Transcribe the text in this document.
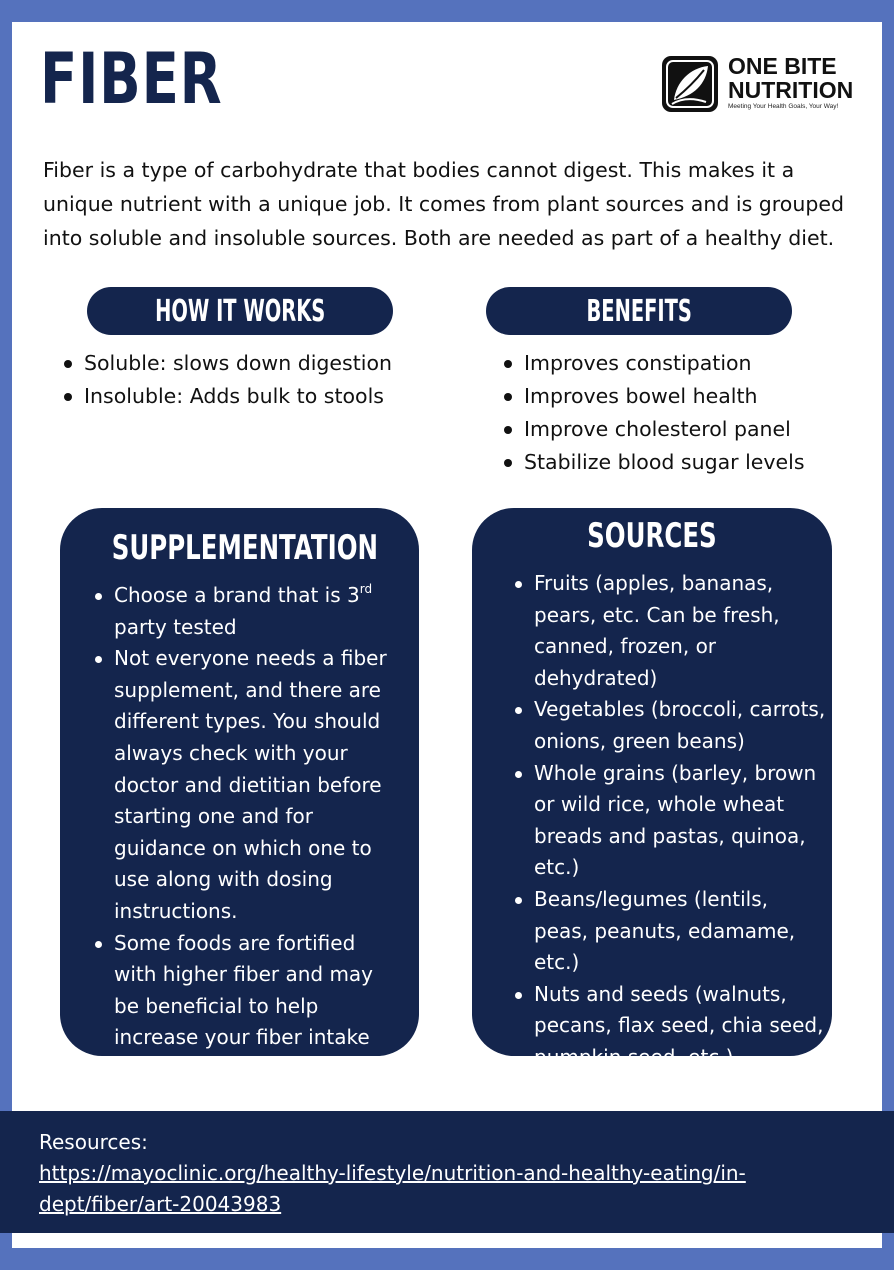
FIBER	ONE BITE
NUTRITION
Meeting Your Health Goals, Your Way!

Fiber is a type of carbohydrate that bodies cannot digest. This makes it a unique nutrient with a unique job. It comes from plant sources and is grouped into soluble and insoluble sources. Both are needed as part of a healthy diet.

HOW IT WORKS
Soluble: slows down digestion
Insoluble: Adds bulk to stools
BENEFITS
Improves constipation
Improves bowel health
Improve cholesterol panel
Stabilize blood sugar levels
SUPPLEMENTATION
Choose a brand that is 3rd party tested
Not everyone needs a fiber supplement, and there are different types. You should always check with your doctor and dietitian before starting one and for guidance on which one to use along with dosing instructions.
Some foods are fortified with higher fiber and may be beneficial to help increase your fiber intake
SOURCES
Fruits (apples, bananas, pears, etc. Can be fresh, canned, frozen, or dehydrated)
Vegetables (broccoli, carrots, onions, green beans)
Whole grains (barley, brown or wild rice, whole wheat breads and pastas, quinoa, etc.)
Beans/legumes (lentils, peas, peanuts, edamame, etc.)
Nuts and seeds (walnuts, pecans, flax seed, chia seed, pumpkin seed, etc.)
Resources:
https://mayoclinic.org/healthy-lifestyle/nutrition-and-healthy-eating/in-dept/fiber/art-20043983
